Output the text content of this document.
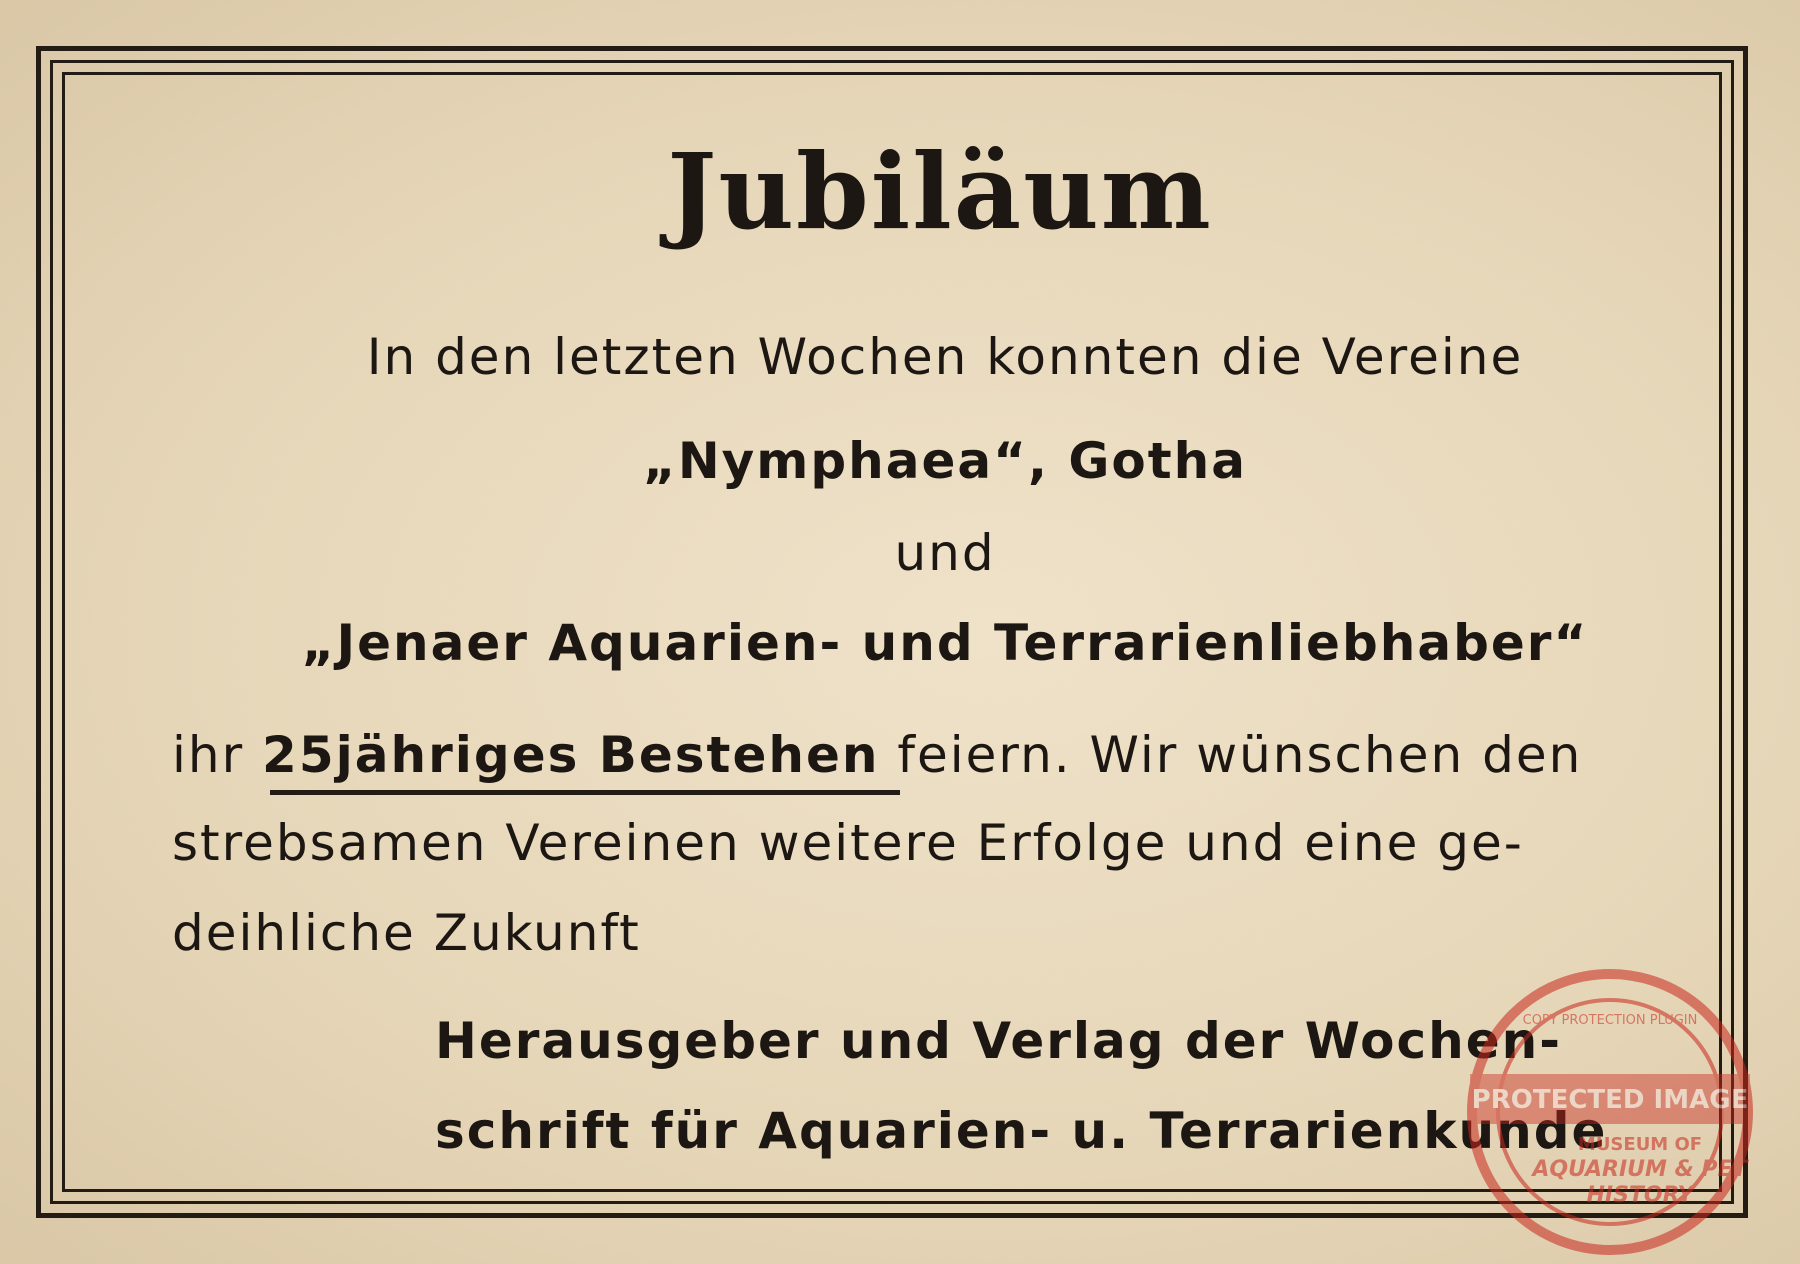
Jubiläum
In den letzten Wochen konnten die Vereine
„Nymphaea“, Gotha
und
„Jenaer Aquarien- und Terrarienliebhaber“
ihr 25jähriges Bestehen feiern. Wir wünschen den
strebsamen Vereinen weitere Erfolge und eine ge-
deihliche Zukunft
Herausgeber und Verlag der Wochen-
schrift für Aquarien- u. Terrarienkunde
COPY PROTECTION PLUGIN
PROTECTED IMAGE
MUSEUM OF
AQUARIUM & PET
HISTORY
